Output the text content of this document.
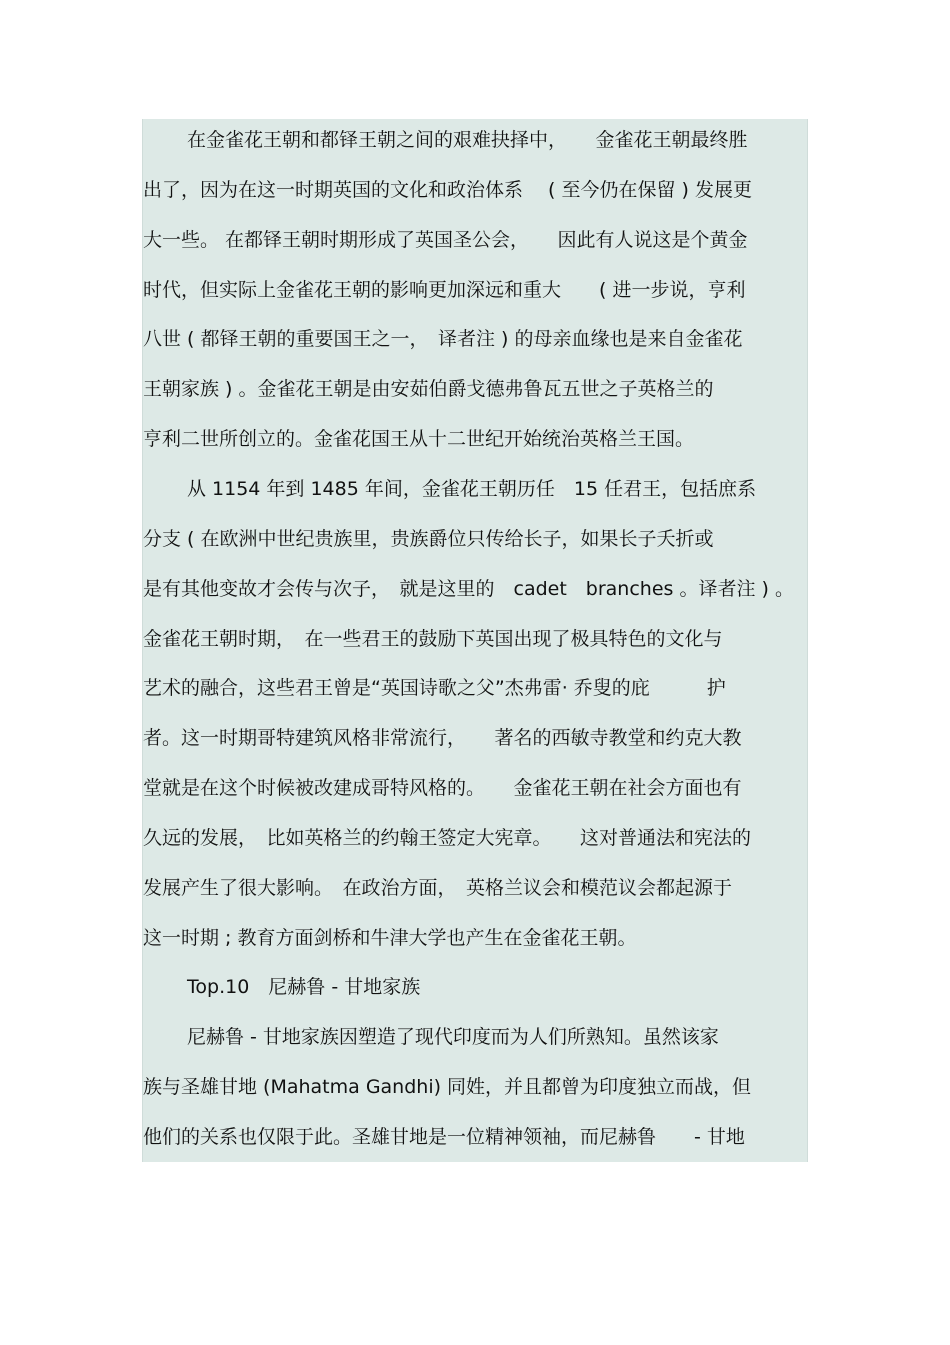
在金雀花王朝和都铎王朝之间的艰难抉择中，　　金雀花王朝最终胜
出了，因为在这一时期英国的文化和政治体系　 ( 至今仍在保留 ) 发展更
大一些。 在都铎王朝时期形成了英国圣公会，　　因此有人说这是个黄金
时代，但实际上金雀花王朝的影响更加深远和重大　　( 进一步说，亨利
八世 ( 都铎王朝的重要国王之一，　译者注 ) 的母亲血缘也是来自金雀花
王朝家族 ) 。金雀花王朝是由安茹伯爵戈德弗鲁瓦五世之子英格兰的
亨利二世所创立的。金雀花国王从十二世纪开始统治英格兰王国。
从 1154 年到 1485 年间，金雀花王朝历任　15 任君王，包括庶系
分支 ( 在欧洲中世纪贵族里，贵族爵位只传给长子，如果长子夭折或
是有其他变故才会传与次子，　就是这里的　cadet　branches 。译者注 ) 。
金雀花王朝时期，　在一些君王的鼓励下英国出现了极具特色的文化与
艺术的融合，这些君王曾是“英国诗歌之父”杰弗雷· 乔叟的庇　　　护
者。这一时期哥特建筑风格非常流行，　　著名的西敏寺教堂和约克大教
堂就是在这个时候被改建成哥特风格的。　　金雀花王朝在社会方面也有
久远的发展，　比如英格兰的约翰王签定大宪章。　　这对普通法和宪法的
发展产生了很大影响。　在政治方面，　英格兰议会和模范议会都起源于
这一时期 ; 教育方面剑桥和牛津大学也产生在金雀花王朝。
Top.10　尼赫鲁 - 甘地家族
尼赫鲁 - 甘地家族因塑造了现代印度而为人们所熟知。虽然该家
族与圣雄甘地 (Mahatma Gandhi) 同姓，并且都曾为印度独立而战，但
他们的关系也仅限于此。圣雄甘地是一位精神领袖，而尼赫鲁　　- 甘地
